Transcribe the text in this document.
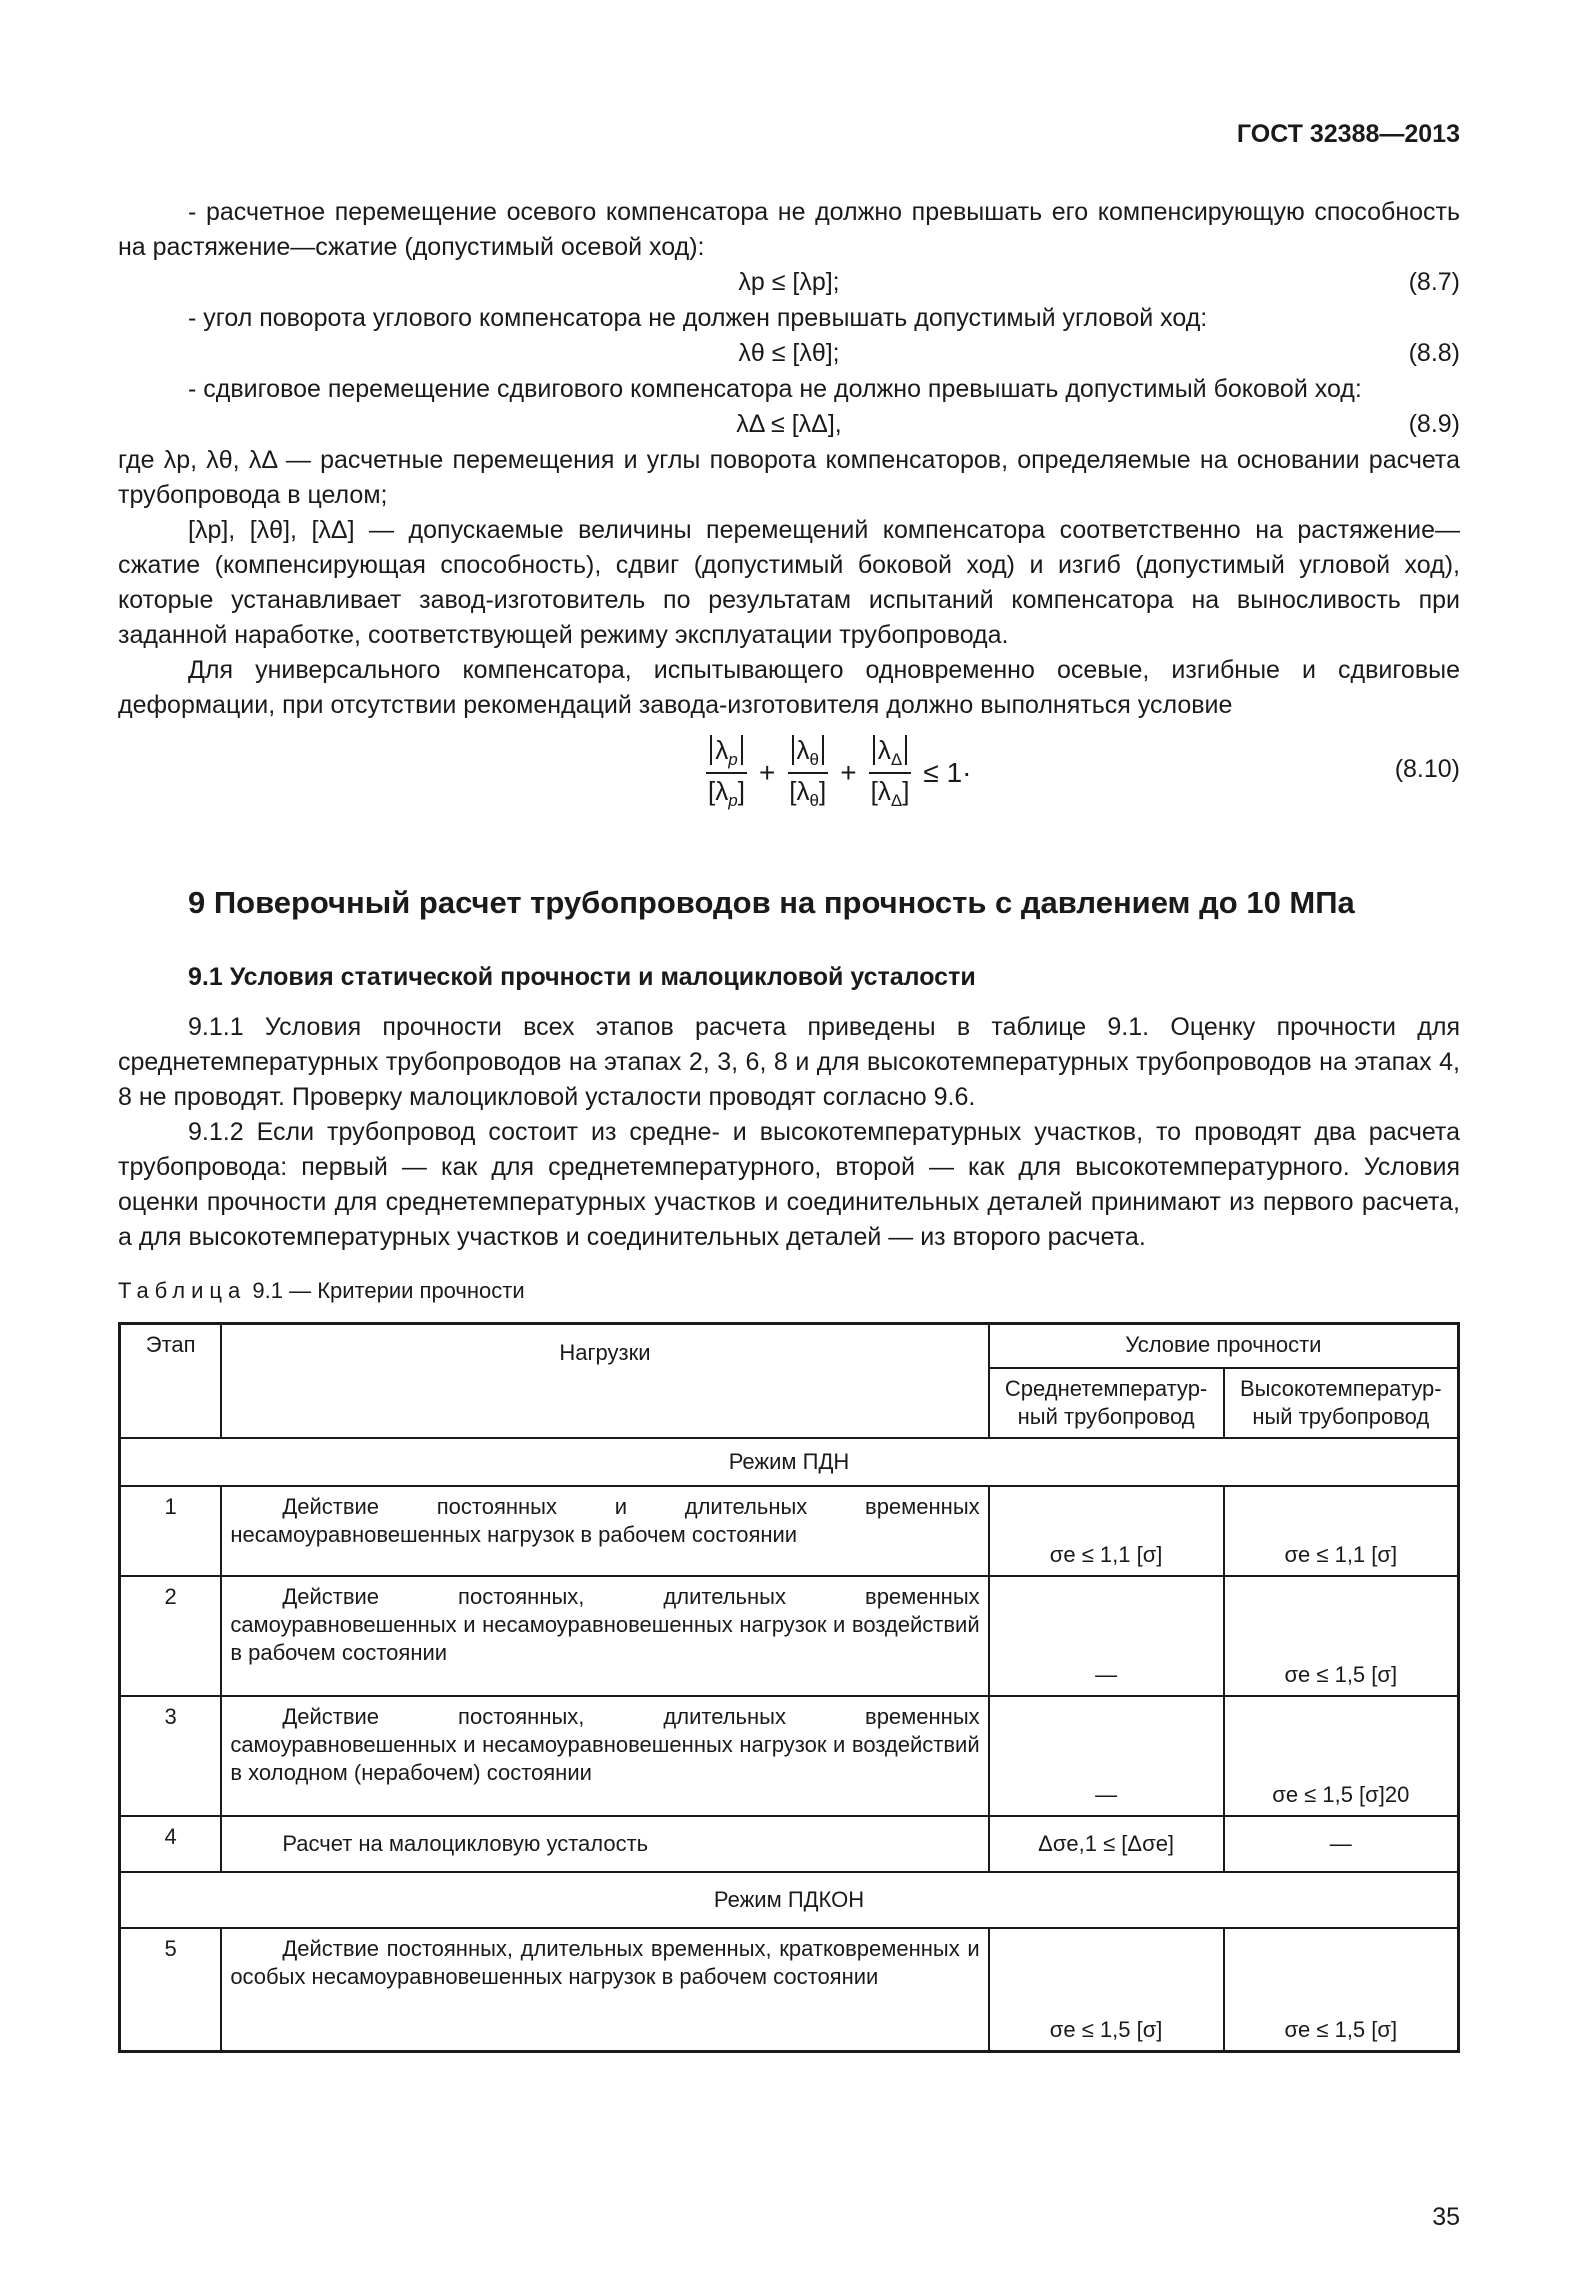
ГОСТ 32388—2013

- расчетное перемещение осевого компенсатора не должно превышать его компенсирующую способность на растяжение—сжатие (допустимый осевой ход):

λp ≤ [λp];	(8.7)

- угол поворота углового компенсатора не должен превышать допустимый угловой ход:

λθ ≤ [λθ];	(8.8)

- сдвиговое перемещение сдвигового компенсатора не должно превышать допустимый боковой ход:

λΔ ≤ [λΔ],	(8.9)

где λp, λθ, λΔ — расчетные перемещения и углы поворота компенсаторов, определяемые на основании расчета трубопровода в целом;

[λp], [λθ], [λΔ] — допускаемые величины перемещений компенсатора соответственно на растяжение—сжатие (компенсирующая способность), сдвиг (допустимый боковой ход) и изгиб (допустимый угловой ход), которые устанавливает завод-изготовитель по результатам испытаний компенсатора на выносливость при заданной наработке, соответствующей режиму эксплуатации трубопровода.

Для универсального компенсатора, испытывающего одновременно осевые, изгибные и сдвиговые деформации, при отсутствии рекомендаций завода-изготовителя должно выполняться условие

$\frac{\lambda_p}{[\lambda_p]} + \frac{\lambda_\theta}{[\lambda_\theta]} + \frac{\lambda_\Delta}{[\lambda_\Delta]} \le 1\cdot$	(8.10)
9 Поверочный расчет трубопроводов на прочность с давлением до 10 МПа
9.1 Условия статической прочности и малоцикловой усталости

9.1.1 Условия прочности всех этапов расчета приведены в таблице 9.1. Оценку прочности для среднетемпературных трубопроводов на этапах 2, 3, 6, 8 и для высокотемпературных трубопроводов на этапах 4, 8 не проводят. Проверку малоцикловой усталости проводят согласно 9.6.

9.1.2 Если трубопровод состоит из средне- и высокотемпературных участков, то проводят два расчета трубопровода: первый — как для среднетемпературного, второй — как для высокотемпературного. Условия оценки прочности для среднетемпературных участков и соединительных деталей принимают из первого расчета, а для высокотемпературных участков и соединительных деталей — из второго расчета.

Таблица 9.1 — Критерии прочности
Этап	Нагрузки	Условие прочности	
		Среднетемператур-ный трубопровод	Высокотемператур-ный трубопровод
Режим ПДН			
1	Действие постоянных и длительных временных несамоуравновешенных нагрузок в рабочем состоянии	σe ≤ 1,1 [σ]	σe ≤ 1,1 [σ]
2	Действие постоянных, длительных временных самоуравновешенных и несамоуравновешенных нагрузок и воздействий в рабочем состоянии	—	σe ≤ 1,5 [σ]
3	Действие постоянных, длительных временных самоуравновешенных и несамоуравновешенных нагрузок и воздействий в холодном (нерабочем) состоянии	—	σe ≤ 1,5 [σ]20
4	Расчет на малоцикловую усталость	Δσe,1 ≤ [Δσe]	—
Режим ПДКОН			
5	Действие постоянных, длительных временных, кратковременных и особых несамоуравновешенных нагрузок в рабочем состоянии	σe ≤ 1,5 [σ]	σe ≤ 1,5 [σ]
35
